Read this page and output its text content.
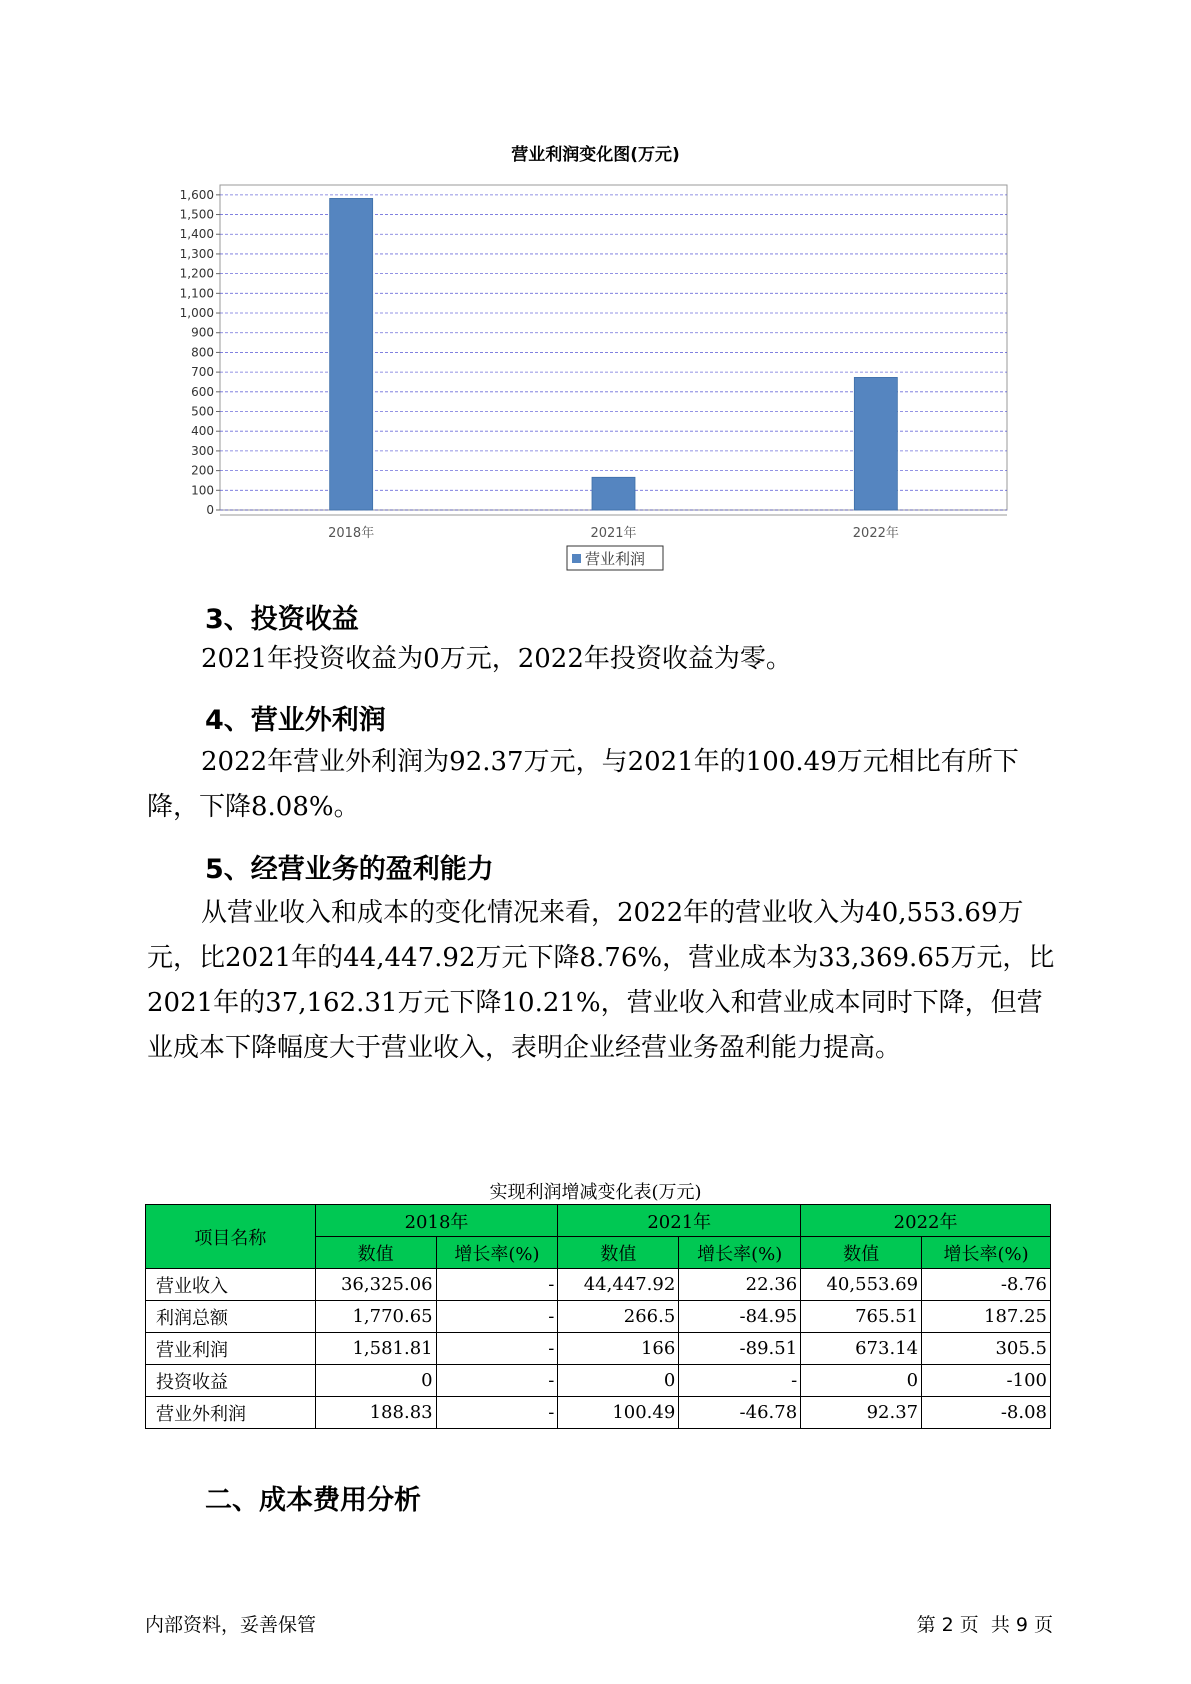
营业利润变化图(万元)
0
100
200
300
400
500
600
700
800
900
1,000
1,100
1,200
1,300
1,400
1,500
1,600
2018年	2021年	2022年
营业利润
3、投资收益
2021年投资收益为0万元，2022年投资收益为零。
4、营业外利润
2022年营业外利润为92.37万元，与2021年的100.49万元相比有所下降，下降8.08%。
5、经营业务的盈利能力
从营业收入和成本的变化情况来看，2022年的营业收入为40,553.69万元，比2021年的44,447.92万元下降8.76%，营业成本为33,369.65万元，比2021年的37,162.31万元下降10.21%，营业收入和营业成本同时下降，但营业成本下降幅度大于营业收入，表明企业经营业务盈利能力提高。
实现利润增减变化表(万元)
项目名称	2018年		2021年		2022年	
	数值	增长率(%)	数值	增长率(%)	数值	增长率(%)
营业收入	36,325.06	-	44,447.92	22.36	40,553.69	-8.76
利润总额	1,770.65	-	266.5	-84.95	765.51	187.25
营业利润	1,581.81	-	166	-89.51	673.14	305.5
投资收益	0	-	0	-	0	-100
营业外利润	188.83	-	100.49	-46.78	92.37	-8.08
二、成本费用分析
内部资料，妥善保管	第 2 页  共 9 页
